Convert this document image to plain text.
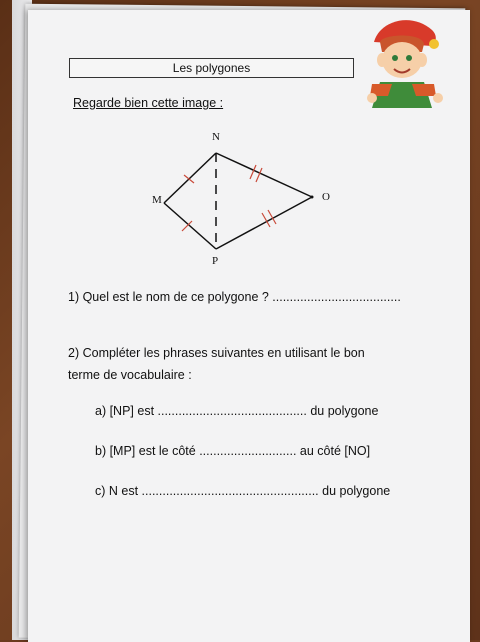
Les polygones
Regarde bien cette image :
N
M	O
P
1) Quel est le nom de ce polygone ? .....................................
2) Compléter les phrases suivantes en utilisant le bon
terme de vocabulaire :
a) [NP] est ........................................... du polygone
b) [MP] est le côté ............................ au côté [NO]
c) N est ................................................... du polygone
